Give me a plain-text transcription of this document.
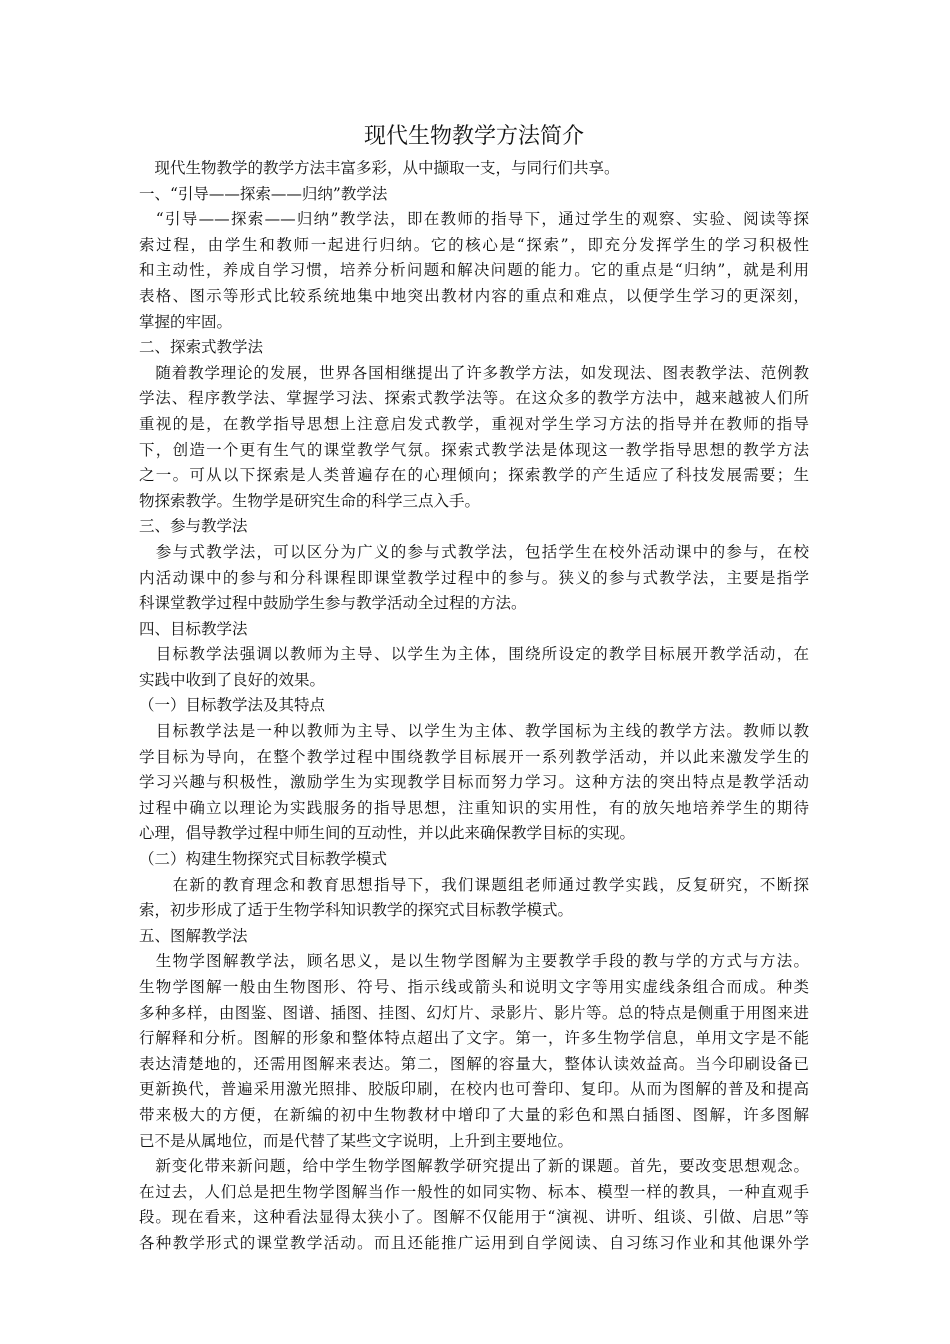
现代生物教学方法简介

　现代生物教学的教学方法丰富多彩，从中撷取一支，与同行们共享。

一、“引导——探索——归纳”教学法

　“引导——探索——归纳”教学法，即在教师的指导下，通过学生的观察、实验、阅读等探

索过程，由学生和教师一起进行归纳。它的核心是“探索”，即充分发挥学生的学习积极性

和主动性，养成自学习惯，培养分析问题和解决问题的能力。它的重点是“归纳”，就是利用

表格、图示等形式比较系统地集中地突出教材内容的重点和难点，以便学生学习的更深刻，

掌握的牢固。

二、探索式教学法

　随着教学理论的发展，世界各国相继提出了许多教学方法，如发现法、图表教学法、范例教

学法、程序教学法、掌握学习法、探索式教学法等。在这众多的教学方法中，越来越被人们所

重视的是，在教学指导思想上注意启发式教学，重视对学生学习方法的指导并在教师的指导

下，创造一个更有生气的课堂教学气氛。探索式教学法是体现这一教学指导思想的教学方法

之一。可从以下探索是人类普遍存在的心理倾向；探索教学的产生适应了科技发展需要；生

物探索教学。生物学是研究生命的科学三点入手。

三、参与教学法

　参与式教学法，可以区分为广义的参与式教学法，包括学生在校外活动课中的参与，在校

内活动课中的参与和分科课程即课堂教学过程中的参与。狭义的参与式教学法，主要是指学

科课堂教学过程中鼓励学生参与教学活动全过程的方法。

四、目标教学法

　目标教学法强调以教师为主导、以学生为主体，围绕所设定的教学目标展开教学活动，在

实践中收到了良好的效果。

（一）目标教学法及其特点

　目标教学法是一种以教师为主导、以学生为主体、教学国标为主线的教学方法。教师以教

学目标为导向，在整个教学过程中围绕教学目标展开一系列教学活动，并以此来激发学生的

学习兴趣与积极性，激励学生为实现教学目标而努力学习。这种方法的突出特点是教学活动

过程中确立以理论为实践服务的指导思想，注重知识的实用性，有的放矢地培养学生的期待

心理，倡导教学过程中师生间的互动性，并以此来确保教学目标的实现。

（二）构建生物探究式目标教学模式

　　在新的教育理念和教育思想指导下，我们课题组老师通过教学实践，反复研究，不断探

索，初步形成了适于生物学科知识教学的探究式目标教学模式。

五、图解教学法

　生物学图解教学法，顾名思义，是以生物学图解为主要教学手段的教与学的方式与方法。

生物学图解一般由生物图形、符号、指示线或箭头和说明文字等用实虚线条组合而成。种类

多种多样，由图鉴、图谱、插图、挂图、幻灯片、录影片、影片等。总的特点是侧重于用图来进

行解释和分析。图解的形象和整体特点超出了文字。第一，许多生物学信息，单用文字是不能

表达清楚地的，还需用图解来表达。第二，图解的容量大，整体认读效益高。当今印刷设备已

更新换代，普遍采用激光照排、胶版印刷，在校内也可誊印、复印。从而为图解的普及和提高

带来极大的方便，在新编的初中生物教材中增印了大量的彩色和黑白插图、图解，许多图解

已不是从属地位，而是代替了某些文字说明，上升到主要地位。

　新变化带来新问题，给中学生物学图解教学研究提出了新的课题。首先，要改变思想观念。

在过去，人们总是把生物学图解当作一般性的如同实物、标本、模型一样的教具，一种直观手

段。现在看来，这种看法显得太狭小了。图解不仅能用于“演视、讲听、组谈、引做、启思”等

各种教学形式的课堂教学活动。而且还能推广运用到自学阅读、自习练习作业和其他课外学
